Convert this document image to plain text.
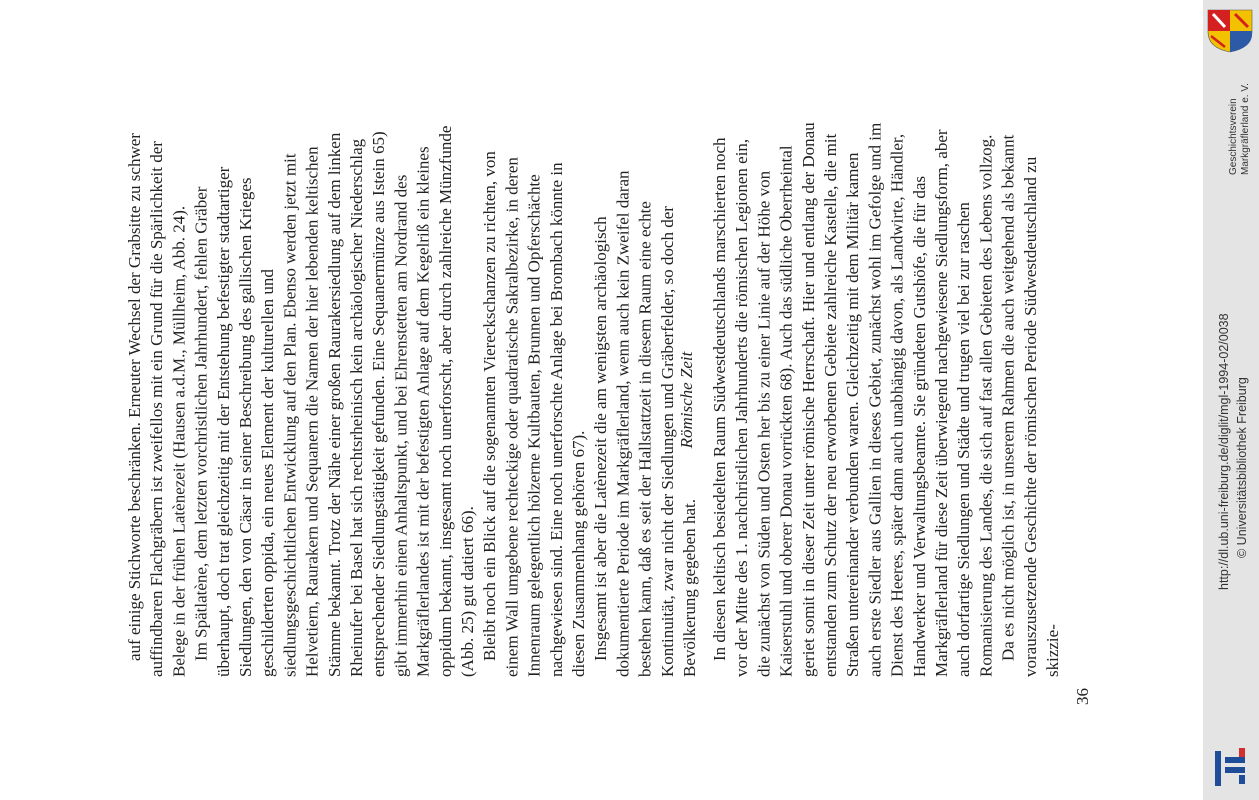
36
auf einige Stichworte beschränken. Erneuter Wechsel der Grabsitte zu schwer auffindbaren Flachgräbern ist zweifellos mit ein Grund für die Spärlichkeit der Belege in der frühen Latènezeit (Hausen a.d.M., Müllheim, Abb. 24). Im Spätlatène, dem letzten vorchristlichen Jahrhundert, fehlen Gräber überhaupt, doch trat gleichzeitig mit der Entstehung befestigter stadtartiger Siedlungen, den von Cäsar in seiner Beschreibung des gallischen Krieges geschilderten oppida, ein neues Element der kulturellen und siedlungsgeschichtlichen Entwicklung auf den Plan. Ebenso werden jetzt mit Helvetiern, Raurakern und Sequanern die Namen der hier lebenden keltischen Stämme bekannt. Trotz der Nähe einer großen Raurakersiedlung auf dem linken Rheinufer bei Basel hat sich rechtsrheinisch kein archäologischer Niederschlag entsprechender Siedlungstätigkeit gefunden. Eine Sequanermünze aus Istein 65) gibt immerhin einen Anhaltspunkt, und bei Ehrenstetten am Nordrand des Markgräflerlandes ist mit der befestigten Anlage auf dem Kegelriß ein kleines oppidum bekannt, insgesamt noch unerforscht, aber durch zahlreiche Münzfunde (Abb. 25) gut datiert 66). Bleibt noch ein Blick auf die sogenannten Viereckschanzen zu richten, von einem Wall umgebene rechteckige oder quadratische Sakralbezirke, in deren Innenraum gelegentlich hölzerne Kultbauten, Brunnen und Opferschächte nachgewiesen sind. Eine noch unerforschte Anlage bei Brombach könnte in diesen Zusammenhang gehören 67). Insgesamt ist aber die Latènezeit die am wenigsten archäologisch dokumentierte Periode im Markgräflerland, wenn auch kein Zweifel daran bestehen kann, daß es seit der Hallstattzeit in diesem Raum eine echte Kontinuität, zwar nicht der Siedlungen und Gräberfelder, so doch der Bevölkerung gegeben hat.
Römische Zeit In diesen keltisch besiedelten Raum Südwestdeutschlands marschierten noch vor der Mitte des 1. nachchristlichen Jahrhunderts die römischen Legionen ein, die zunächst von Süden und Osten her bis zu einer Linie auf der Höhe von Kaiserstuhl und oberer Donau vorrückten 68). Auch das südliche Oberrheintal geriet somit in dieser Zeit unter römische Herrschaft. Hier und entlang der Donau entstanden zum Schutz der neu erworbenen Gebiete zahlreiche Kastelle, die mit Straßen untereinander verbunden waren. Gleichzeitig mit dem Militär kamen auch erste Siedler aus Gallien in dieses Gebiet, zunächst wohl im Gefolge und im Dienst des Heeres, später dann auch unabhängig davon, als Landwirte, Händler, Handwerker und Verwaltungsbeamte. Sie gründeten Gutshöfe, die für das Markgräflerland für diese Zeit überwiegend nachgewiesene Siedlungsform, aber auch dorfartige Siedlungen und Städte und trugen viel bei zur raschen Romanisierung des Landes, die sich auf fast allen Gebieten des Lebens vollzog. Da es nicht möglich ist, in unserem Rahmen die auch weitgehend als bekannt vorauszusetzende Geschichte der römischen Periode Südwestdeutschland zu skizzie-
Geschichtsverein Markgräflerland e. V.
http://dl.ub.uni-freiburg.de/diglit/mgl-1994-02/0038 © Universitätsbibliothek Freiburg
